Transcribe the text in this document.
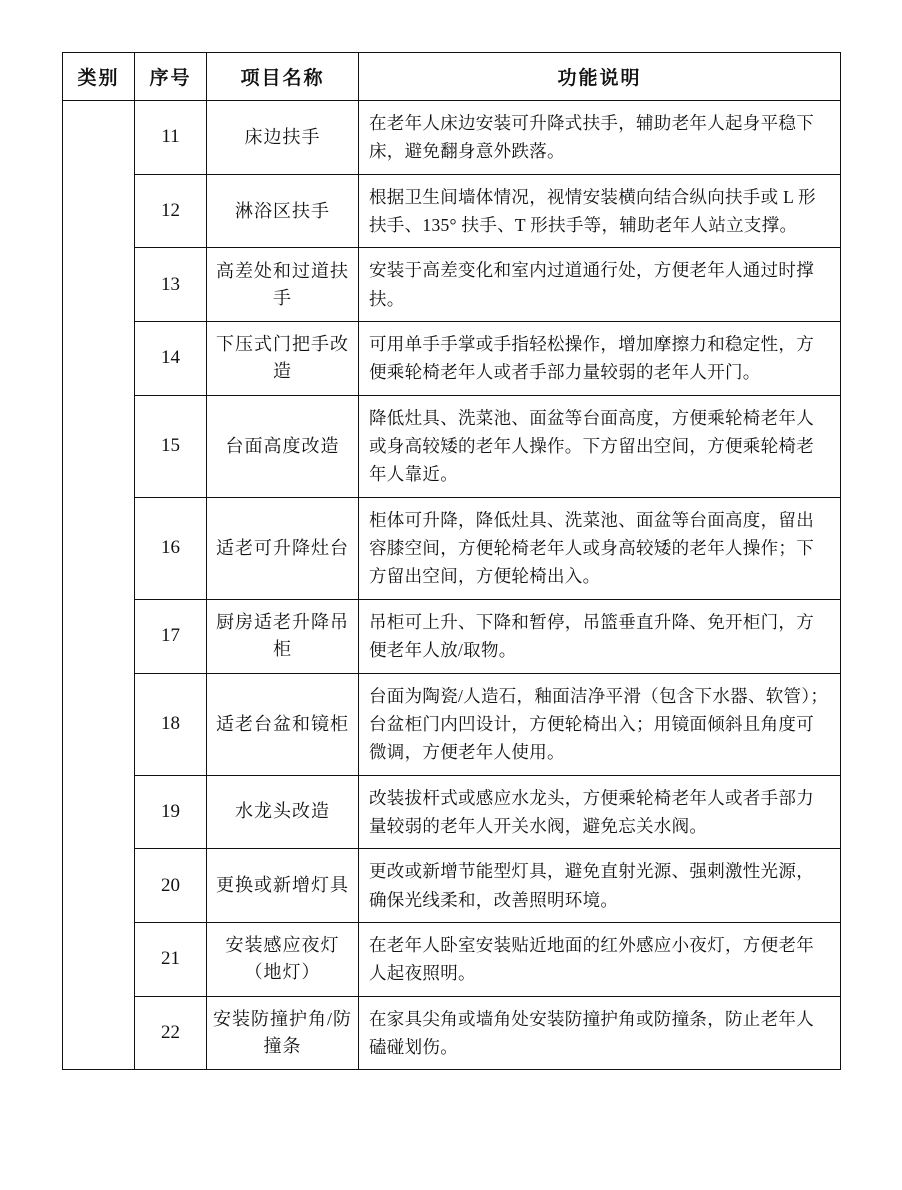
类别	序号	项目名称	功能说明
	11	床边扶手	在老年人床边安装可升降式扶手，辅助老年人起身平稳下床，避免翻身意外跌落。
	12	淋浴区扶手	根据卫生间墙体情况，视情安装横向结合纵向扶手或 L 形扶手、135° 扶手、T 形扶手等，辅助老年人站立支撑。
	13	高差处和过道扶手	安装于高差变化和室内过道通行处，方便老年人通过时撑扶。
	14	下压式门把手改造	可用单手手掌或手指轻松操作，增加摩擦力和稳定性，方便乘轮椅老年人或者手部力量较弱的老年人开门。
	15	台面高度改造	降低灶具、洗菜池、面盆等台面高度，方便乘轮椅老年人或身高较矮的老年人操作。下方留出空间，方便乘轮椅老年人靠近。
	16	适老可升降灶台	柜体可升降，降低灶具、洗菜池、面盆等台面高度，留出容膝空间，方便轮椅老年人或身高较矮的老年人操作；下方留出空间，方便轮椅出入。
	17	厨房适老升降吊柜	吊柜可上升、下降和暂停，吊篮垂直升降、免开柜门，方便老年人放/取物。
	18	适老台盆和镜柜	台面为陶瓷/人造石，釉面洁净平滑（包含下水器、软管）；台盆柜门内凹设计，方便轮椅出入；用镜面倾斜且角度可微调，方便老年人使用。
	19	水龙头改造	改装拔杆式或感应水龙头，方便乘轮椅老年人或者手部力量较弱的老年人开关水阀，避免忘关水阀。
	20	更换或新增灯具	更改或新增节能型灯具，避免直射光源、强刺激性光源，确保光线柔和，改善照明环境。
	21	安装感应夜灯（地灯）	在老年人卧室安装贴近地面的红外感应小夜灯，方便老年人起夜照明。
	22	安装防撞护角/防撞条	在家具尖角或墙角处安装防撞护角或防撞条，防止老年人磕碰划伤。
